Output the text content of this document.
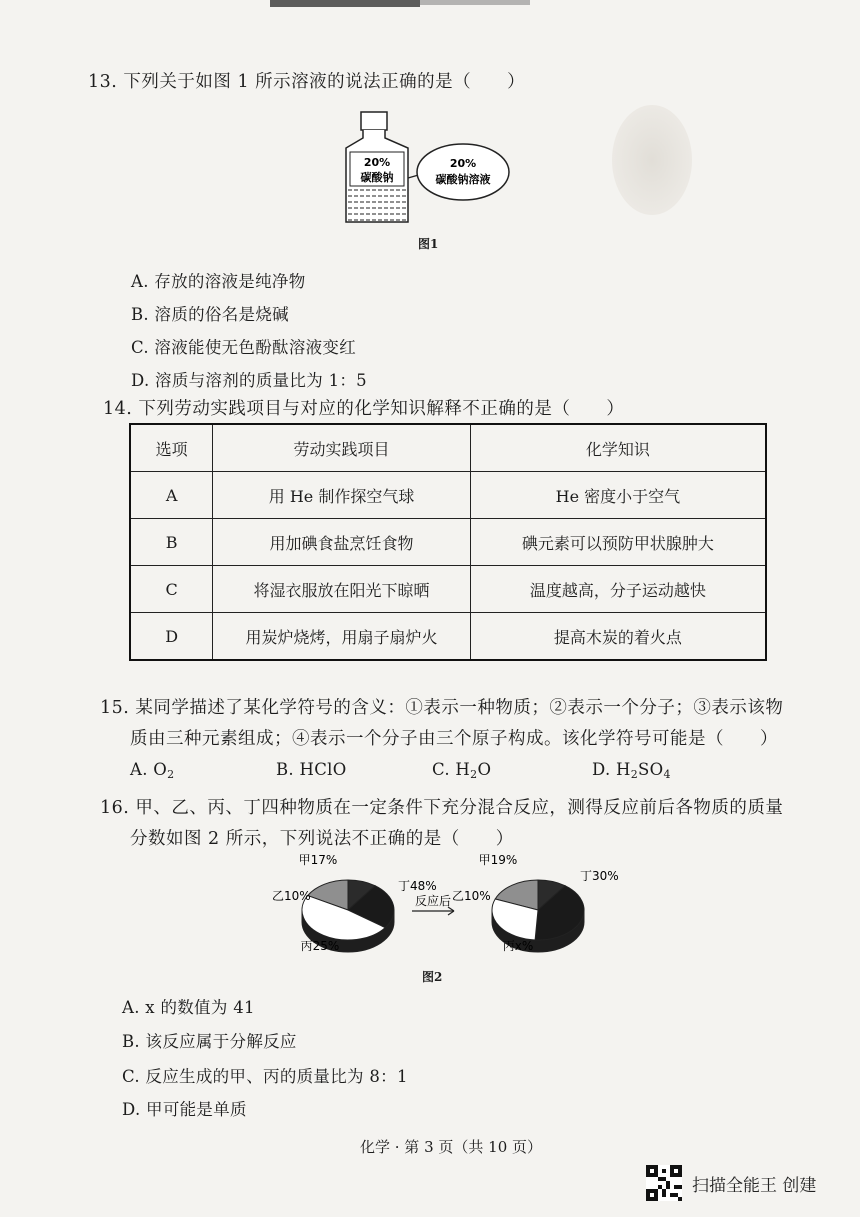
13. 下列关于如图 1 所示溶液的说法正确的是（　　）
20%
碳酸钠
20%
碳酸钠溶液
图1
A. 存放的溶液是纯净物
B. 溶质的俗名是烧碱
C. 溶液能使无色酚酞溶液变红
D. 溶质与溶剂的质量比为 1：5
14. 下列劳动实践项目与对应的化学知识解释不正确的是（　　）
选项	劳动实践项目	化学知识
A	用 He 制作探空气球	He 密度小于空气
B	用加碘食盐烹饪食物	碘元素可以预防甲状腺肿大
C	将湿衣服放在阳光下晾晒	温度越高，分子运动越快
D	用炭炉烧烤，用扇子扇炉火	提高木炭的着火点
15. 某同学描述了某化学符号的含义：①表示一种物质；②表示一个分子；③表示该物
质由三种元素组成；④表示一个分子由三个原子构成。该化学符号可能是（　　）
A. $O_2$	B. HClO	C. $H_2O$	D. $H_2SO_4$
16. 甲、乙、丙、丁四种物质在一定条件下充分混合反应，测得反应前后各物质的质量
分数如图 2 所示，下列说法不正确的是（　　）
甲17%
乙10%
丙25%
丁48%
甲19%
乙10%
丙x%
丁30%
反应后
图2
A. x 的数值为 41
B. 该反应属于分解反应
C. 反应生成的甲、丙的质量比为 8：1
D. 甲可能是单质
化学 · 第 3 页（共 10 页）
扫描全能王 创建
